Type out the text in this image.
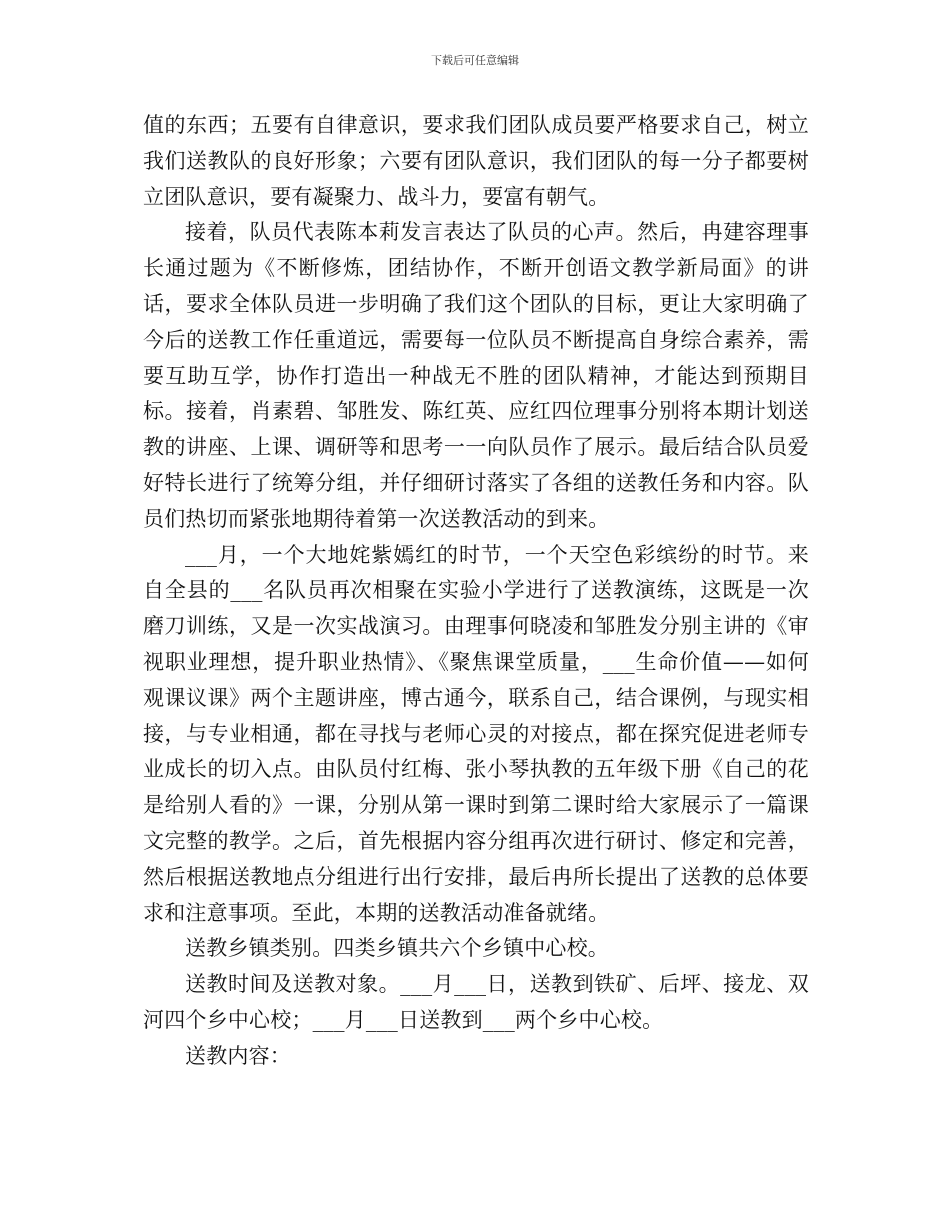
下载后可任意编辑

值的东西；五要有自律意识，要求我们团队成员要严格要求自己，树立我们送教队的良好形象；六要有团队意识，我们团队的每一分子都要树立团队意识，要有凝聚力、战斗力，要富有朝气。

接着，队员代表陈本莉发言表达了队员的心声。然后，冉建容理事长通过题为《不断修炼，团结协作，不断开创语文教学新局面》的讲话，要求全体队员进一步明确了我们这个团队的目标，更让大家明确了今后的送教工作任重道远，需要每一位队员不断提高自身综合素养，需要互助互学，协作打造出一种战无不胜的团队精神，才能达到预期目标。接着，肖素碧、邹胜发、陈红英、应红四位理事分别将本期计划送教的讲座、上课、调研等和思考一一向队员作了展示。最后结合队员爱好特长进行了统筹分组，并仔细研讨落实了各组的送教任务和内容。队员们热切而紧张地期待着第一次送教活动的到来。

___月，一个大地姹紫嫣红的时节，一个天空色彩缤纷的时节。来自全县的___名队员再次相聚在实验小学进行了送教演练，这既是一次磨刀训练，又是一次实战演习。由理事何晓凌和邹胜发分别主讲的《审视职业理想，提升职业热情》、《聚焦课堂质量，___生命价值——如何观课议课》两个主题讲座，博古通今，联系自己，结合课例，与现实相接，与专业相通，都在寻找与老师心灵的对接点，都在探究促进老师专业成长的切入点。由队员付红梅、张小琴执教的五年级下册《自己的花是给别人看的》一课，分别从第一课时到第二课时给大家展示了一篇课文完整的教学。之后，首先根据内容分组再次进行研讨、修定和完善，然后根据送教地点分组进行出行安排，最后冉所长提出了送教的总体要求和注意事项。至此，本期的送教活动准备就绪。

送教乡镇类别。四类乡镇共六个乡镇中心校。

送教时间及送教对象。___月___日，送教到铁矿、后坪、接龙、双河四个乡中心校；___月___日送教到___两个乡中心校。

送教内容：
